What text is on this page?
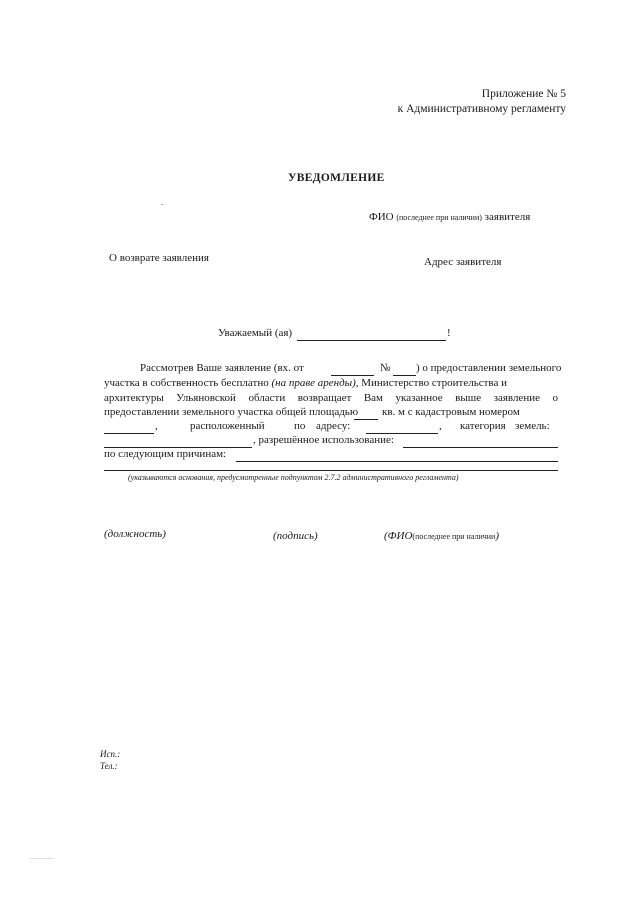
Приложение № 5
к Административному регламенту
УВЕДОМЛЕНИЕ
ФИО (последнее при наличии) заявителя
О возврате заявления	Адрес заявителя
Уважаемый (ая)	!
Рассмотрев Ваше заявление (вх. от	№ ) о предоставлении земельного
участка в собственность бесплатно (на праве аренды), Министерство строительства и
архитектуры Ульяновской области возвращает Вам указанное выше заявление о
предоставлении земельного участка общей площадью кв. м с кадастровым номером
,	расположенный	по адресу:	, категория земель:
, разрешённое использование:
по следующим причинам:
(указываются основания, предусмотренные подпунктом 2.7.2 административного регламента)
(должность)	(подпись)	(ФИО(последнее при наличии)
Исп.:
Тел.:
